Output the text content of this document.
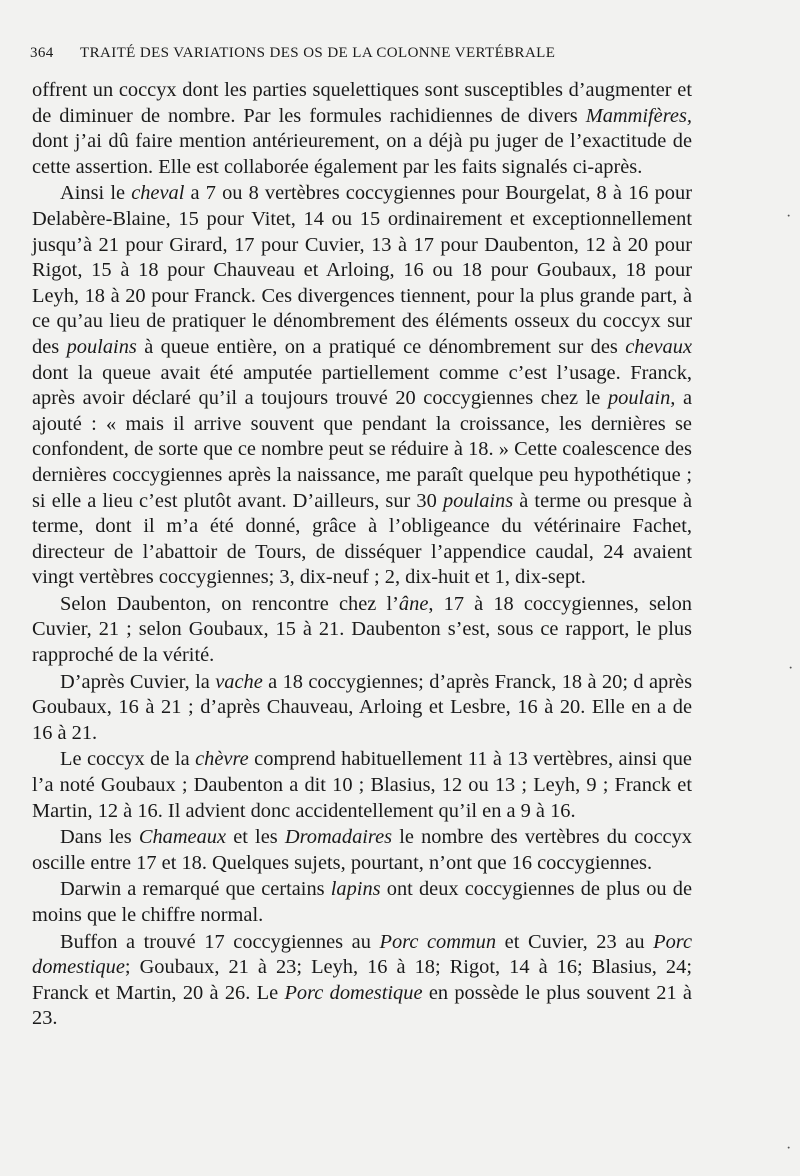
364 TRAITÉ DES VARIATIONS DES OS DE LA COLONNE VERTÉBRALE

offrent un coccyx dont les parties squelettiques sont susceptibles d’augmenter et de diminuer de nombre. Par les formules rachidiennes de divers Mammifères, dont j’ai dû faire mention antérieurement, on a déjà pu juger de l’exactitude de cette assertion. Elle est collaborée également par les faits signalés ci-après.

Ainsi le cheval a 7 ou 8 vertèbres coccygiennes pour Bourgelat, 8 à 16 pour Delabère-Blaine, 15 pour Vitet, 14 ou 15 ordinairement et exceptionnellement jusqu’à 21 pour Girard, 17 pour Cuvier, 13 à 17 pour Daubenton, 12 à 20 pour Rigot, 15 à 18 pour Chauveau et Arloing, 16 ou 18 pour Goubaux, 18 pour Leyh, 18 à 20 pour Franck. Ces divergences tiennent, pour la plus grande part, à ce qu’au lieu de pratiquer le dénombrement des éléments osseux du coccyx sur des poulains à queue entière, on a pratiqué ce dénombrement sur des chevaux dont la queue avait été amputée partiellement comme c’est l’usage. Franck, après avoir déclaré qu’il a toujours trouvé 20 coccygiennes chez le poulain, a ajouté : « mais il arrive souvent que pendant la croissance, les dernières se confondent, de sorte que ce nombre peut se réduire à 18. » Cette coalescence des dernières coccygiennes après la naissance, me paraît quelque peu hypothétique ; si elle a lieu c’est plutôt avant. D’ailleurs, sur 30 poulains à terme ou presque à terme, dont il m’a été donné, grâce à l’obligeance du vétérinaire Fachet, directeur de l’abattoir de Tours, de disséquer l’appendice caudal, 24 avaient vingt vertèbres coccygiennes; 3, dix-neuf ; 2, dix-huit et 1, dix-sept.

Selon Daubenton, on rencontre chez l’âne, 17 à 18 coccygiennes, selon Cuvier, 21 ; selon Goubaux, 15 à 21. Daubenton s’est, sous ce rapport, le plus rapproché de la vérité.

D’après Cuvier, la vache a 18 coccygiennes; d’après Franck, 18 à 20; d après Goubaux, 16 à 21 ; d’après Chauveau, Arloing et Lesbre, 16 à 20. Elle en a de 16 à 21.

Le coccyx de la chèvre comprend habituellement 11 à 13 vertèbres, ainsi que l’a noté Goubaux ; Daubenton a dit 10 ; Blasius, 12 ou 13 ; Leyh, 9 ; Franck et Martin, 12 à 16. Il advient donc accidentellement qu’il en a 9 à 16.

Dans les Chameaux et les Dromadaires le nombre des vertèbres du coccyx oscille entre 17 et 18. Quelques sujets, pourtant, n’ont que 16 coccygiennes.

Darwin a remarqué que certains lapins ont deux coccygiennes de plus ou de moins que le chiffre normal.

Buffon a trouvé 17 coccygiennes au Porc commun et Cuvier, 23 au Porc domestique; Goubaux, 21 à 23; Leyh, 16 à 18; Rigot, 14 à 16; Blasius, 24; Franck et Martin, 20 à 26. Le Porc domestique en possède le plus souvent 21 à 23.

·
·
·
